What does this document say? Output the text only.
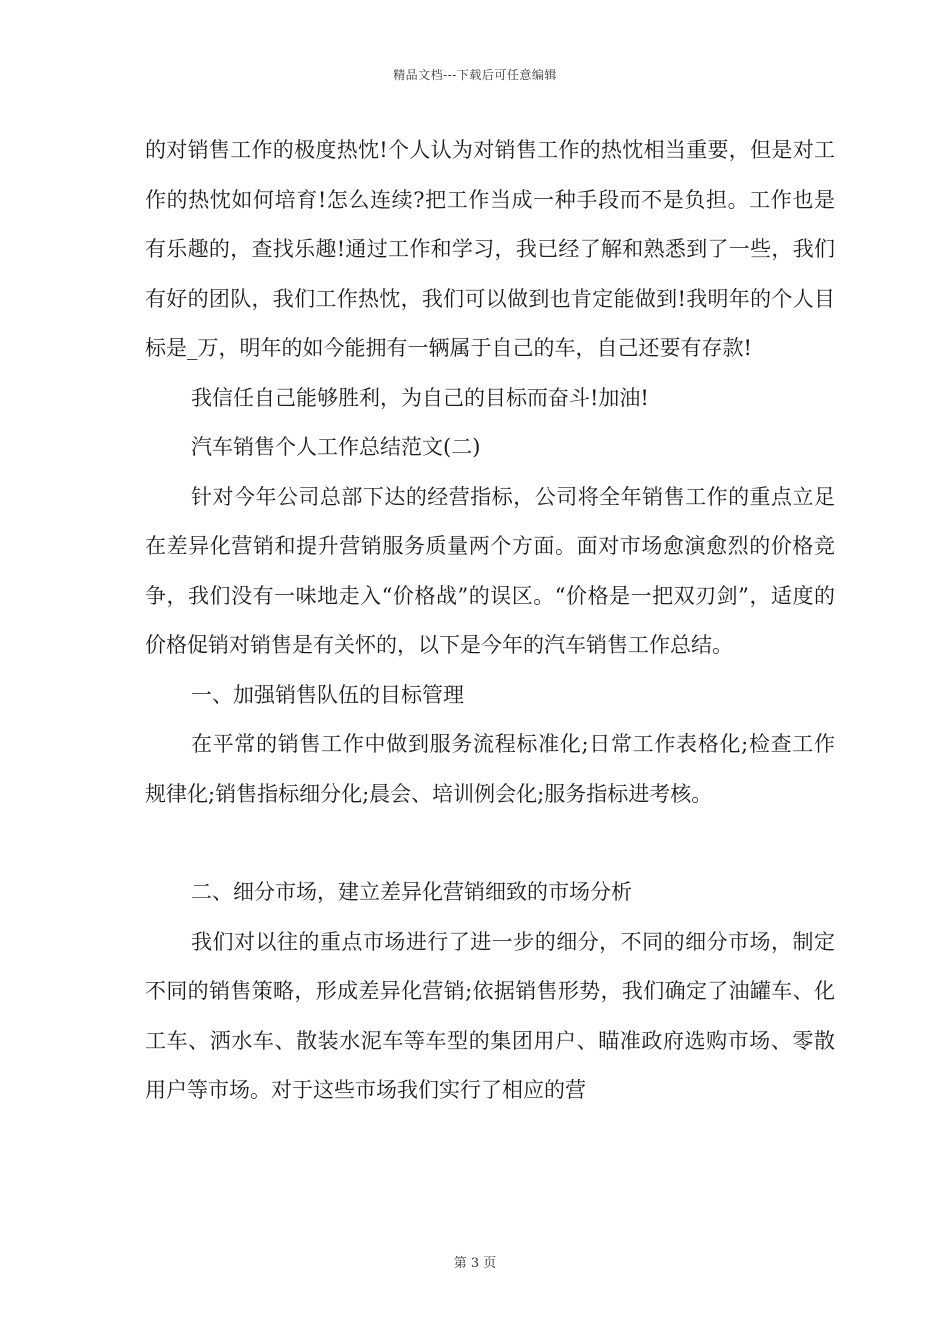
精品文档---下载后可任意编辑

的对销售工作的极度热忱!个人认为对销售工作的热忱相当重要，但是对工作的热忱如何培育!怎么连续?把工作当成一种手段而不是负担。工作也是有乐趣的，查找乐趣!通过工作和学习，我已经了解和熟悉到了一些，我们有好的团队，我们工作热忱，我们可以做到也肯定能做到!我明年的个人目标是_万，明年的如今能拥有一辆属于自己的车，自己还要有存款!

我信任自己能够胜利，为自己的目标而奋斗!加油!

汽车销售个人工作总结范文(二)

针对今年公司总部下达的经营指标，公司将全年销售工作的重点立足在差异化营销和提升营销服务质量两个方面。面对市场愈演愈烈的价格竞争，我们没有一味地走入“价格战”的误区。“价格是一把双刃剑”，适度的价格促销对销售是有关怀的，以下是今年的汽车销售工作总结。

一、加强销售队伍的目标管理

在平常的销售工作中做到服务流程标准化;日常工作表格化;检查工作规律化;销售指标细分化;晨会、培训例会化;服务指标进考核。

二、细分市场，建立差异化营销细致的市场分析

我们对以往的重点市场进行了进一步的细分，不同的细分市场，制定不同的销售策略，形成差异化营销;依据销售形势，我们确定了油罐车、化工车、洒水车、散装水泥车等车型的集团用户、瞄准政府选购市场、零散用户等市场。对于这些市场我们实行了相应的营

第 3 页
